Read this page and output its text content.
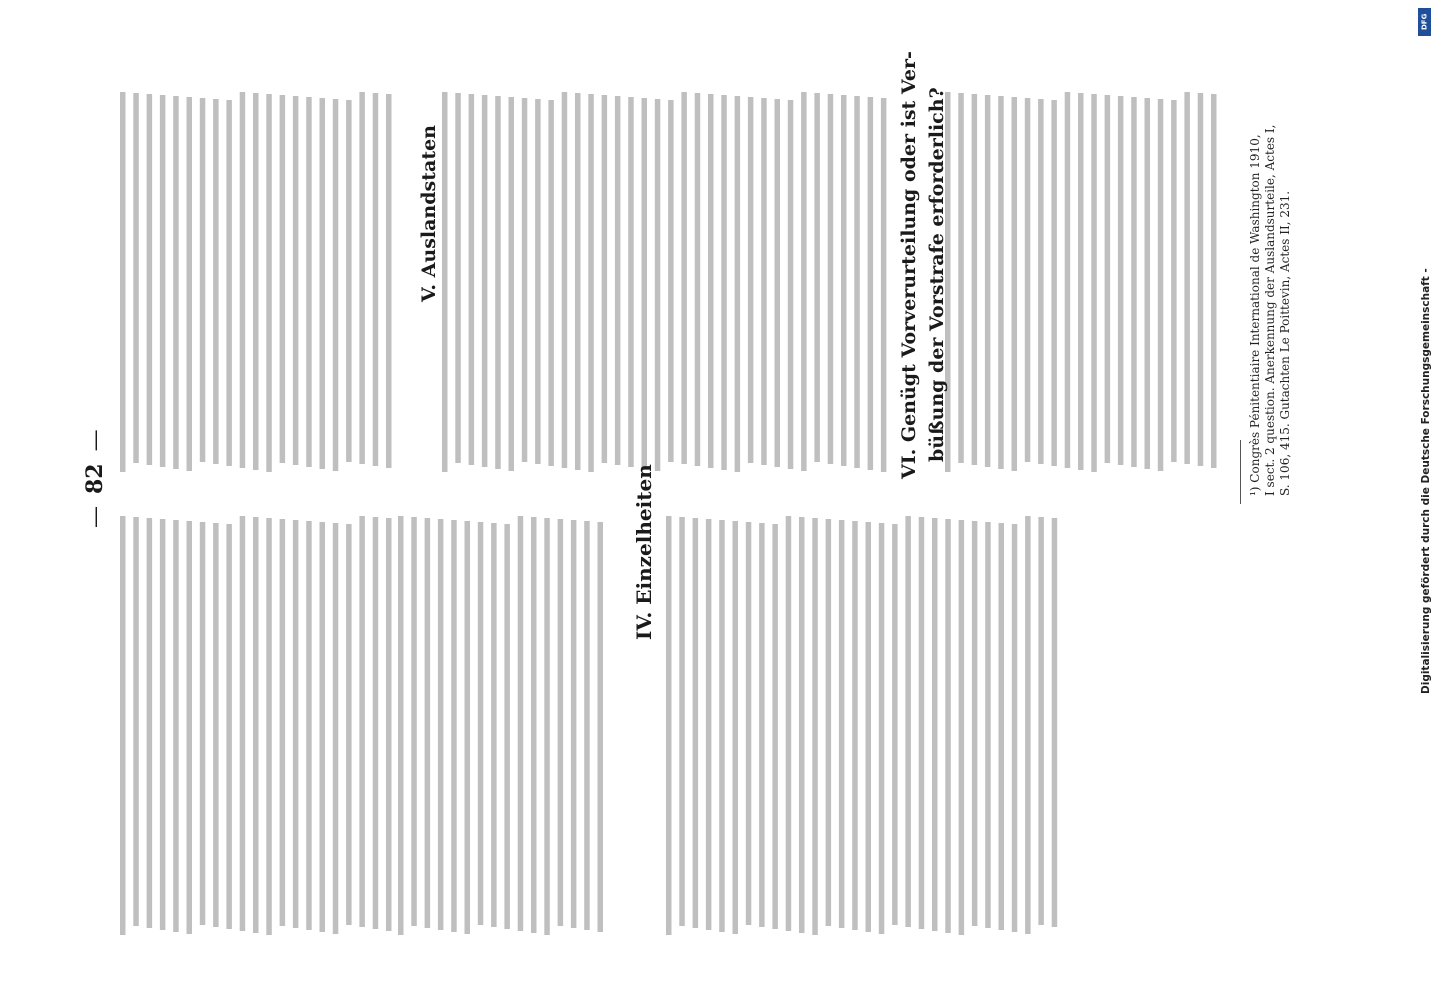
—82—
IV. Einzelheiten
V. Auslandstaten	VI. Genügt Vorverurteilung oder ist Ver- büßung der Vorstrafe erforderlich?	¹) Congrès Pénitentiaire International de Washington 1910, I sect. 2 question. Anerkennung der Auslandsurteile, Actes I, S. 106, 415. Gutachten Le Poittevin, Actes II, 231.
DFG
Digitalisierung gefördert durch die Deutsche Forschungsgemeinschaft -
